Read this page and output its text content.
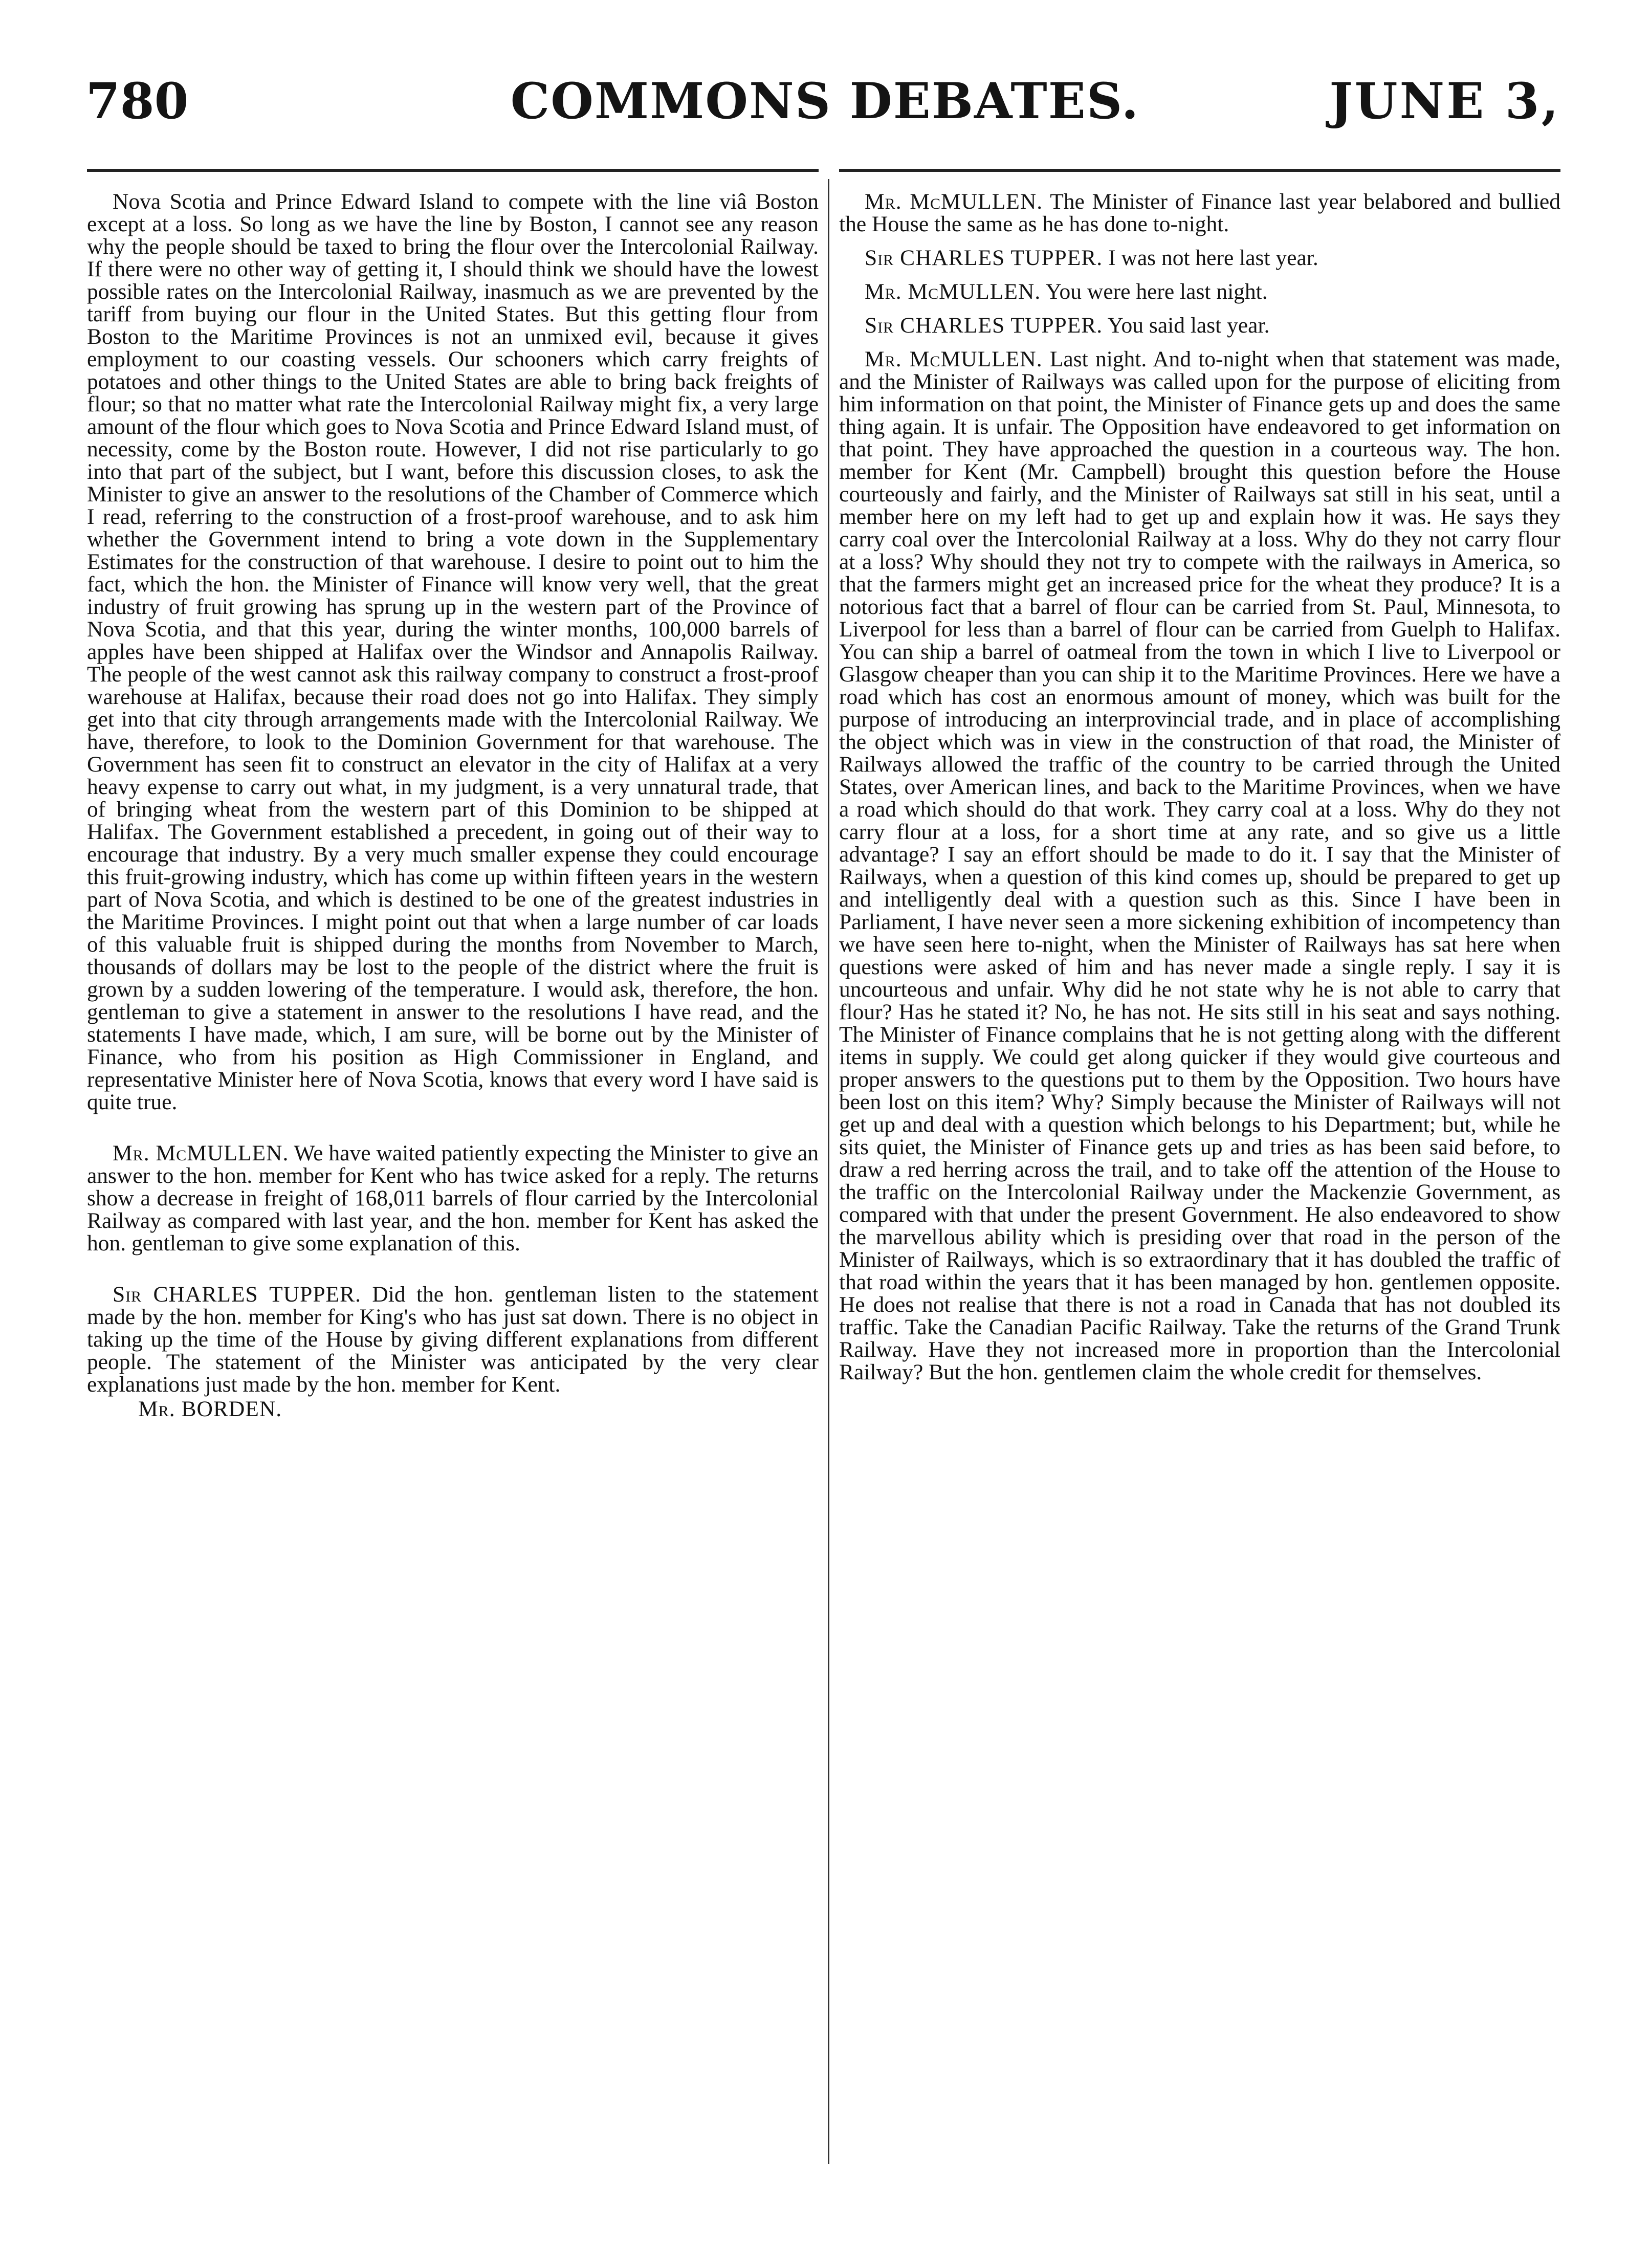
780	COMMONS DEBATES.	JUNE 3,

Nova Scotia and Prince Edward Island to compete with the line viâ Boston except at a loss. So long as we have the line by Boston, I cannot see any reason why the people should be taxed to bring the flour over the Intercolonial Railway. If there were no other way of getting it, I should think we should have the lowest possible rates on the Intercolonial Railway, inasmuch as we are prevented by the tariff from buying our flour in the United States. But this getting flour from Boston to the Maritime Provinces is not an unmixed evil, because it gives employment to our coasting vessels. Our schooners which carry freights of potatoes and other things to the United States are able to bring back freights of flour; so that no matter what rate the Intercolonial Railway might fix, a very large amount of the flour which goes to Nova Scotia and Prince Edward Island must, of necessity, come by the Boston route. However, I did not rise particularly to go into that part of the subject, but I want, before this discussion closes, to ask the Minister to give an answer to the resolutions of the Chamber of Commerce which I read, referring to the construction of a frost-proof warehouse, and to ask him whether the Government intend to bring a vote down in the Supplementary Estimates for the construction of that warehouse. I desire to point out to him the fact, which the hon. the Minister of Finance will know very well, that the great industry of fruit growing has sprung up in the western part of the Province of Nova Scotia, and that this year, during the winter months, 100,000 barrels of apples have been shipped at Halifax over the Windsor and Annapolis Railway. The people of the west cannot ask this railway company to construct a frost-proof warehouse at Halifax, because their road does not go into Halifax. They simply get into that city through arrangements made with the Intercolonial Railway. We have, therefore, to look to the Dominion Government for that warehouse. The Government has seen fit to construct an elevator in the city of Halifax at a very heavy expense to carry out what, in my judgment, is a very unnatural trade, that of bringing wheat from the western part of this Dominion to be shipped at Halifax. The Government established a precedent, in going out of their way to encourage that industry. By a very much smaller expense they could encourage this fruit-growing industry, which has come up within fifteen years in the western part of Nova Scotia, and which is destined to be one of the greatest industries in the Maritime Provinces. I might point out that when a large number of car loads of this valuable fruit is shipped during the months from November to March, thousands of dollars may be lost to the people of the district where the fruit is grown by a sudden lowering of the temperature. I would ask, therefore, the hon. gentleman to give a statement in answer to the resolutions I have read, and the statements I have made, which, I am sure, will be borne out by the Minister of Finance, who from his position as High Commissioner in England, and representative Minister here of Nova Scotia, knows that every word I have said is quite true.

Mr. McMULLEN. We have waited patiently expecting the Minister to give an answer to the hon. member for Kent who has twice asked for a reply. The returns show a decrease in freight of 168,011 barrels of flour carried by the Intercolonial Railway as compared with last year, and the hon. member for Kent has asked the hon. gentleman to give some explanation of this.

Sir CHARLES TUPPER. Did the hon. gentleman listen to the statement made by the hon. member for King's who has just sat down. There is no object in taking up the time of the House by giving different explanations from different people. The statement of the Minister was anticipated by the very clear explanations just made by the hon. member for Kent.

Mr. BORDEN.

Mr. McMULLEN. The Minister of Finance last year belabored and bullied the House the same as he has done to-night.

Sir CHARLES TUPPER. I was not here last year.

Mr. McMULLEN. You were here last night.

Sir CHARLES TUPPER. You said last year.

Mr. McMULLEN. Last night. And to-night when that statement was made, and the Minister of Railways was called upon for the purpose of eliciting from him information on that point, the Minister of Finance gets up and does the same thing again. It is unfair. The Opposition have endeavored to get information on that point. They have approached the question in a courteous way. The hon. member for Kent (Mr. Campbell) brought this question before the House courteously and fairly, and the Minister of Railways sat still in his seat, until a member here on my left had to get up and explain how it was. He says they carry coal over the Intercolonial Railway at a loss. Why do they not carry flour at a loss? Why should they not try to compete with the railways in America, so that the farmers might get an increased price for the wheat they produce? It is a notorious fact that a barrel of flour can be carried from St. Paul, Minnesota, to Liverpool for less than a barrel of flour can be carried from Guelph to Halifax. You can ship a barrel of oatmeal from the town in which I live to Liverpool or Glasgow cheaper than you can ship it to the Maritime Provinces. Here we have a road which has cost an enormous amount of money, which was built for the purpose of introducing an interprovincial trade, and in place of accomplishing the object which was in view in the construction of that road, the Minister of Railways allowed the traffic of the country to be carried through the United States, over American lines, and back to the Maritime Provinces, when we have a road which should do that work. They carry coal at a loss. Why do they not carry flour at a loss, for a short time at any rate, and so give us a little advantage? I say an effort should be made to do it. I say that the Minister of Railways, when a question of this kind comes up, should be prepared to get up and intelligently deal with a question such as this. Since I have been in Parliament, I have never seen a more sickening exhibition of incompetency than we have seen here to-night, when the Minister of Railways has sat here when questions were asked of him and has never made a single reply. I say it is uncourteous and unfair. Why did he not state why he is not able to carry that flour? Has he stated it? No, he has not. He sits still in his seat and says nothing. The Minister of Finance complains that he is not getting along with the different items in supply. We could get along quicker if they would give courteous and proper answers to the questions put to them by the Opposition. Two hours have been lost on this item? Why? Simply because the Minister of Railways will not get up and deal with a question which belongs to his Department; but, while he sits quiet, the Minister of Finance gets up and tries as has been said before, to draw a red herring across the trail, and to take off the attention of the House to the traffic on the Intercolonial Railway under the Mackenzie Government, as compared with that under the present Government. He also endeavored to show the marvellous ability which is presiding over that road in the person of the Minister of Railways, which is so extraordinary that it has doubled the traffic of that road within the years that it has been managed by hon. gentlemen opposite. He does not realise that there is not a road in Canada that has not doubled its traffic. Take the Canadian Pacific Railway. Take the returns of the Grand Trunk Railway. Have they not increased more in proportion than the Intercolonial Railway? But the hon. gentlemen claim the whole credit for themselves.
